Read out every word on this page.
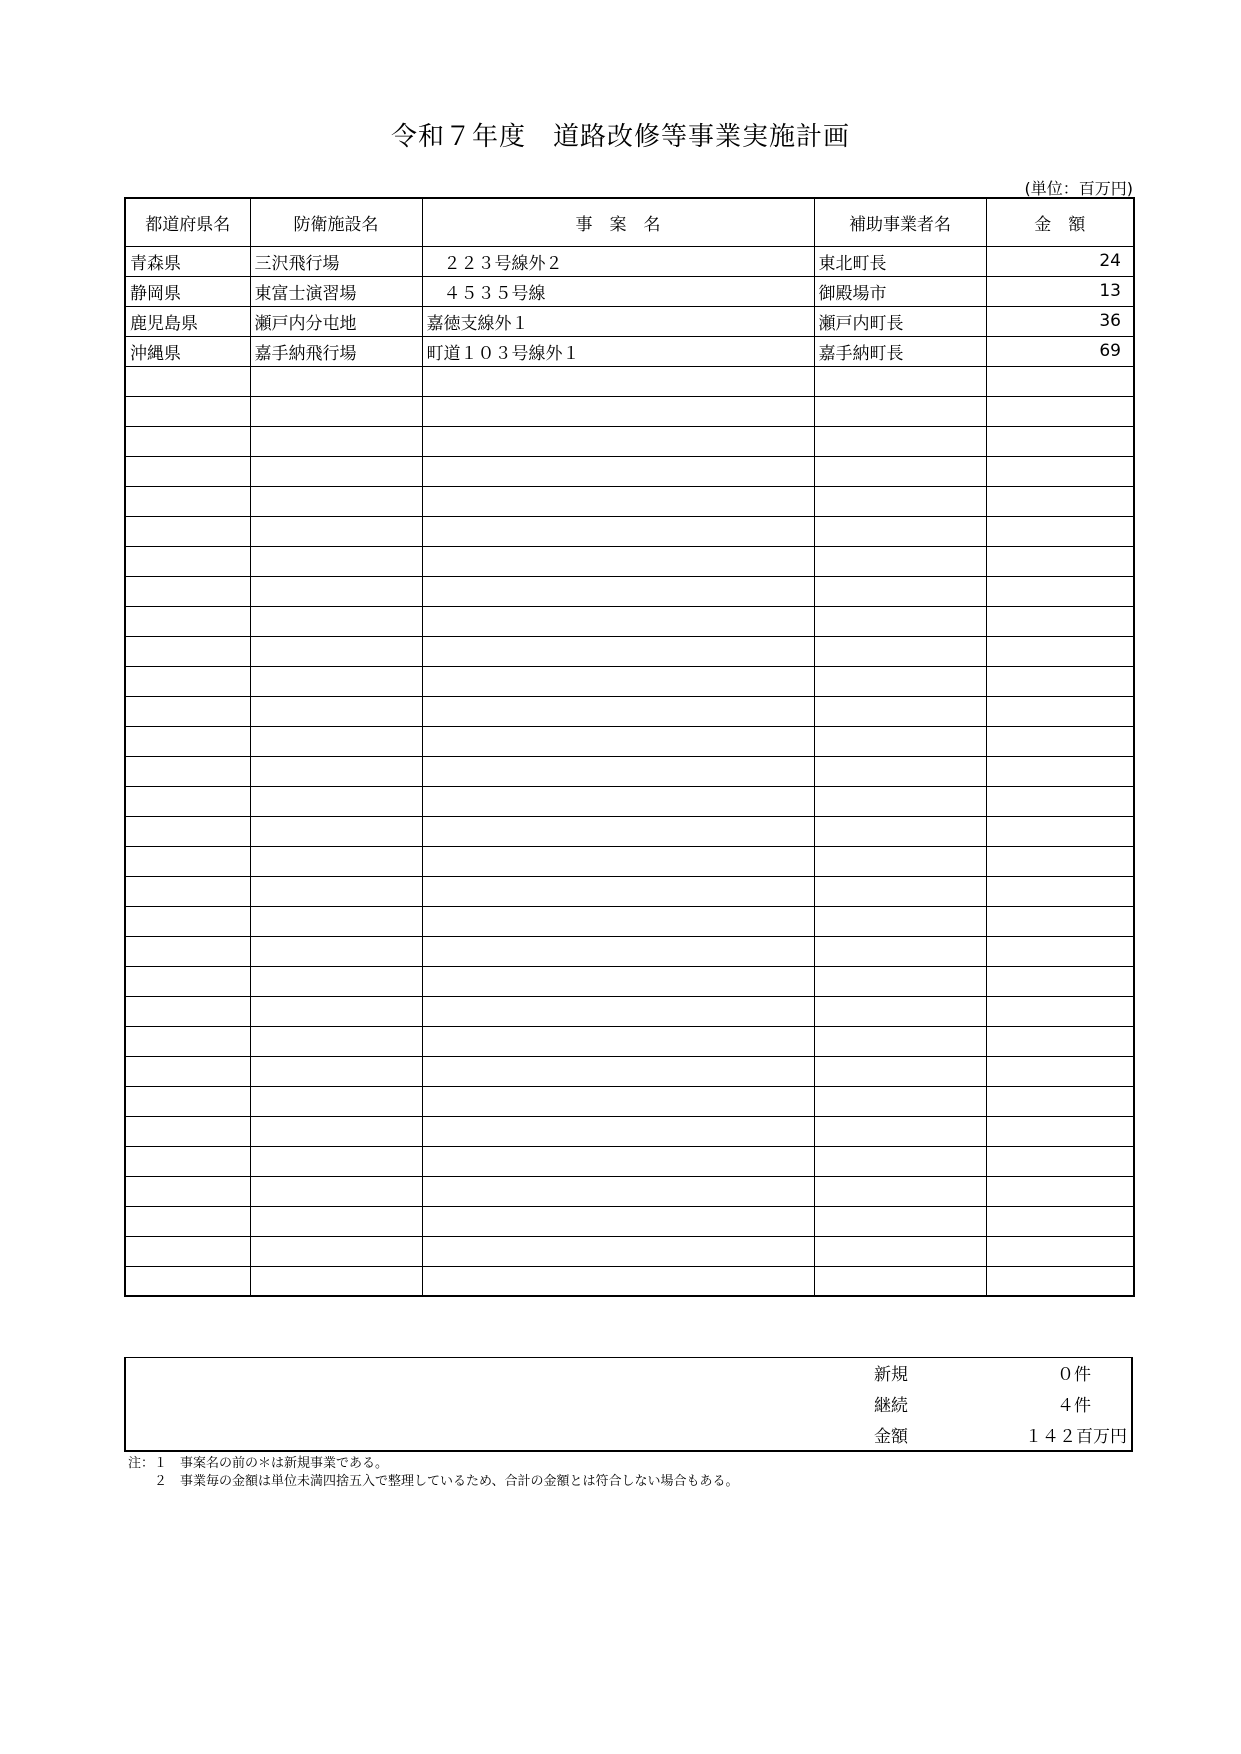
令和７年度　道路改修等事業実施計画
(単位：百万円)
都道府県名	防衛施設名	事　案　名	補助事業者名	金　額
青森県	三沢飛行場	　２２３号線外２	東北町長	24
静岡県	東富士演習場	　４５３５号線	御殿場市	13
鹿児島県	瀬戸内分屯地	嘉徳支線外１	瀬戸内町長	36
沖縄県	嘉手納飛行場	町道１０３号線外１	嘉手納町長	69

新規	０件
継続	４件
金額	１４２百万円
注：１　事案名の前の＊は新規事業である。
　　２　事業毎の金額は単位未満四捨五入で整理しているため、合計の金額とは符合しない場合もある。
